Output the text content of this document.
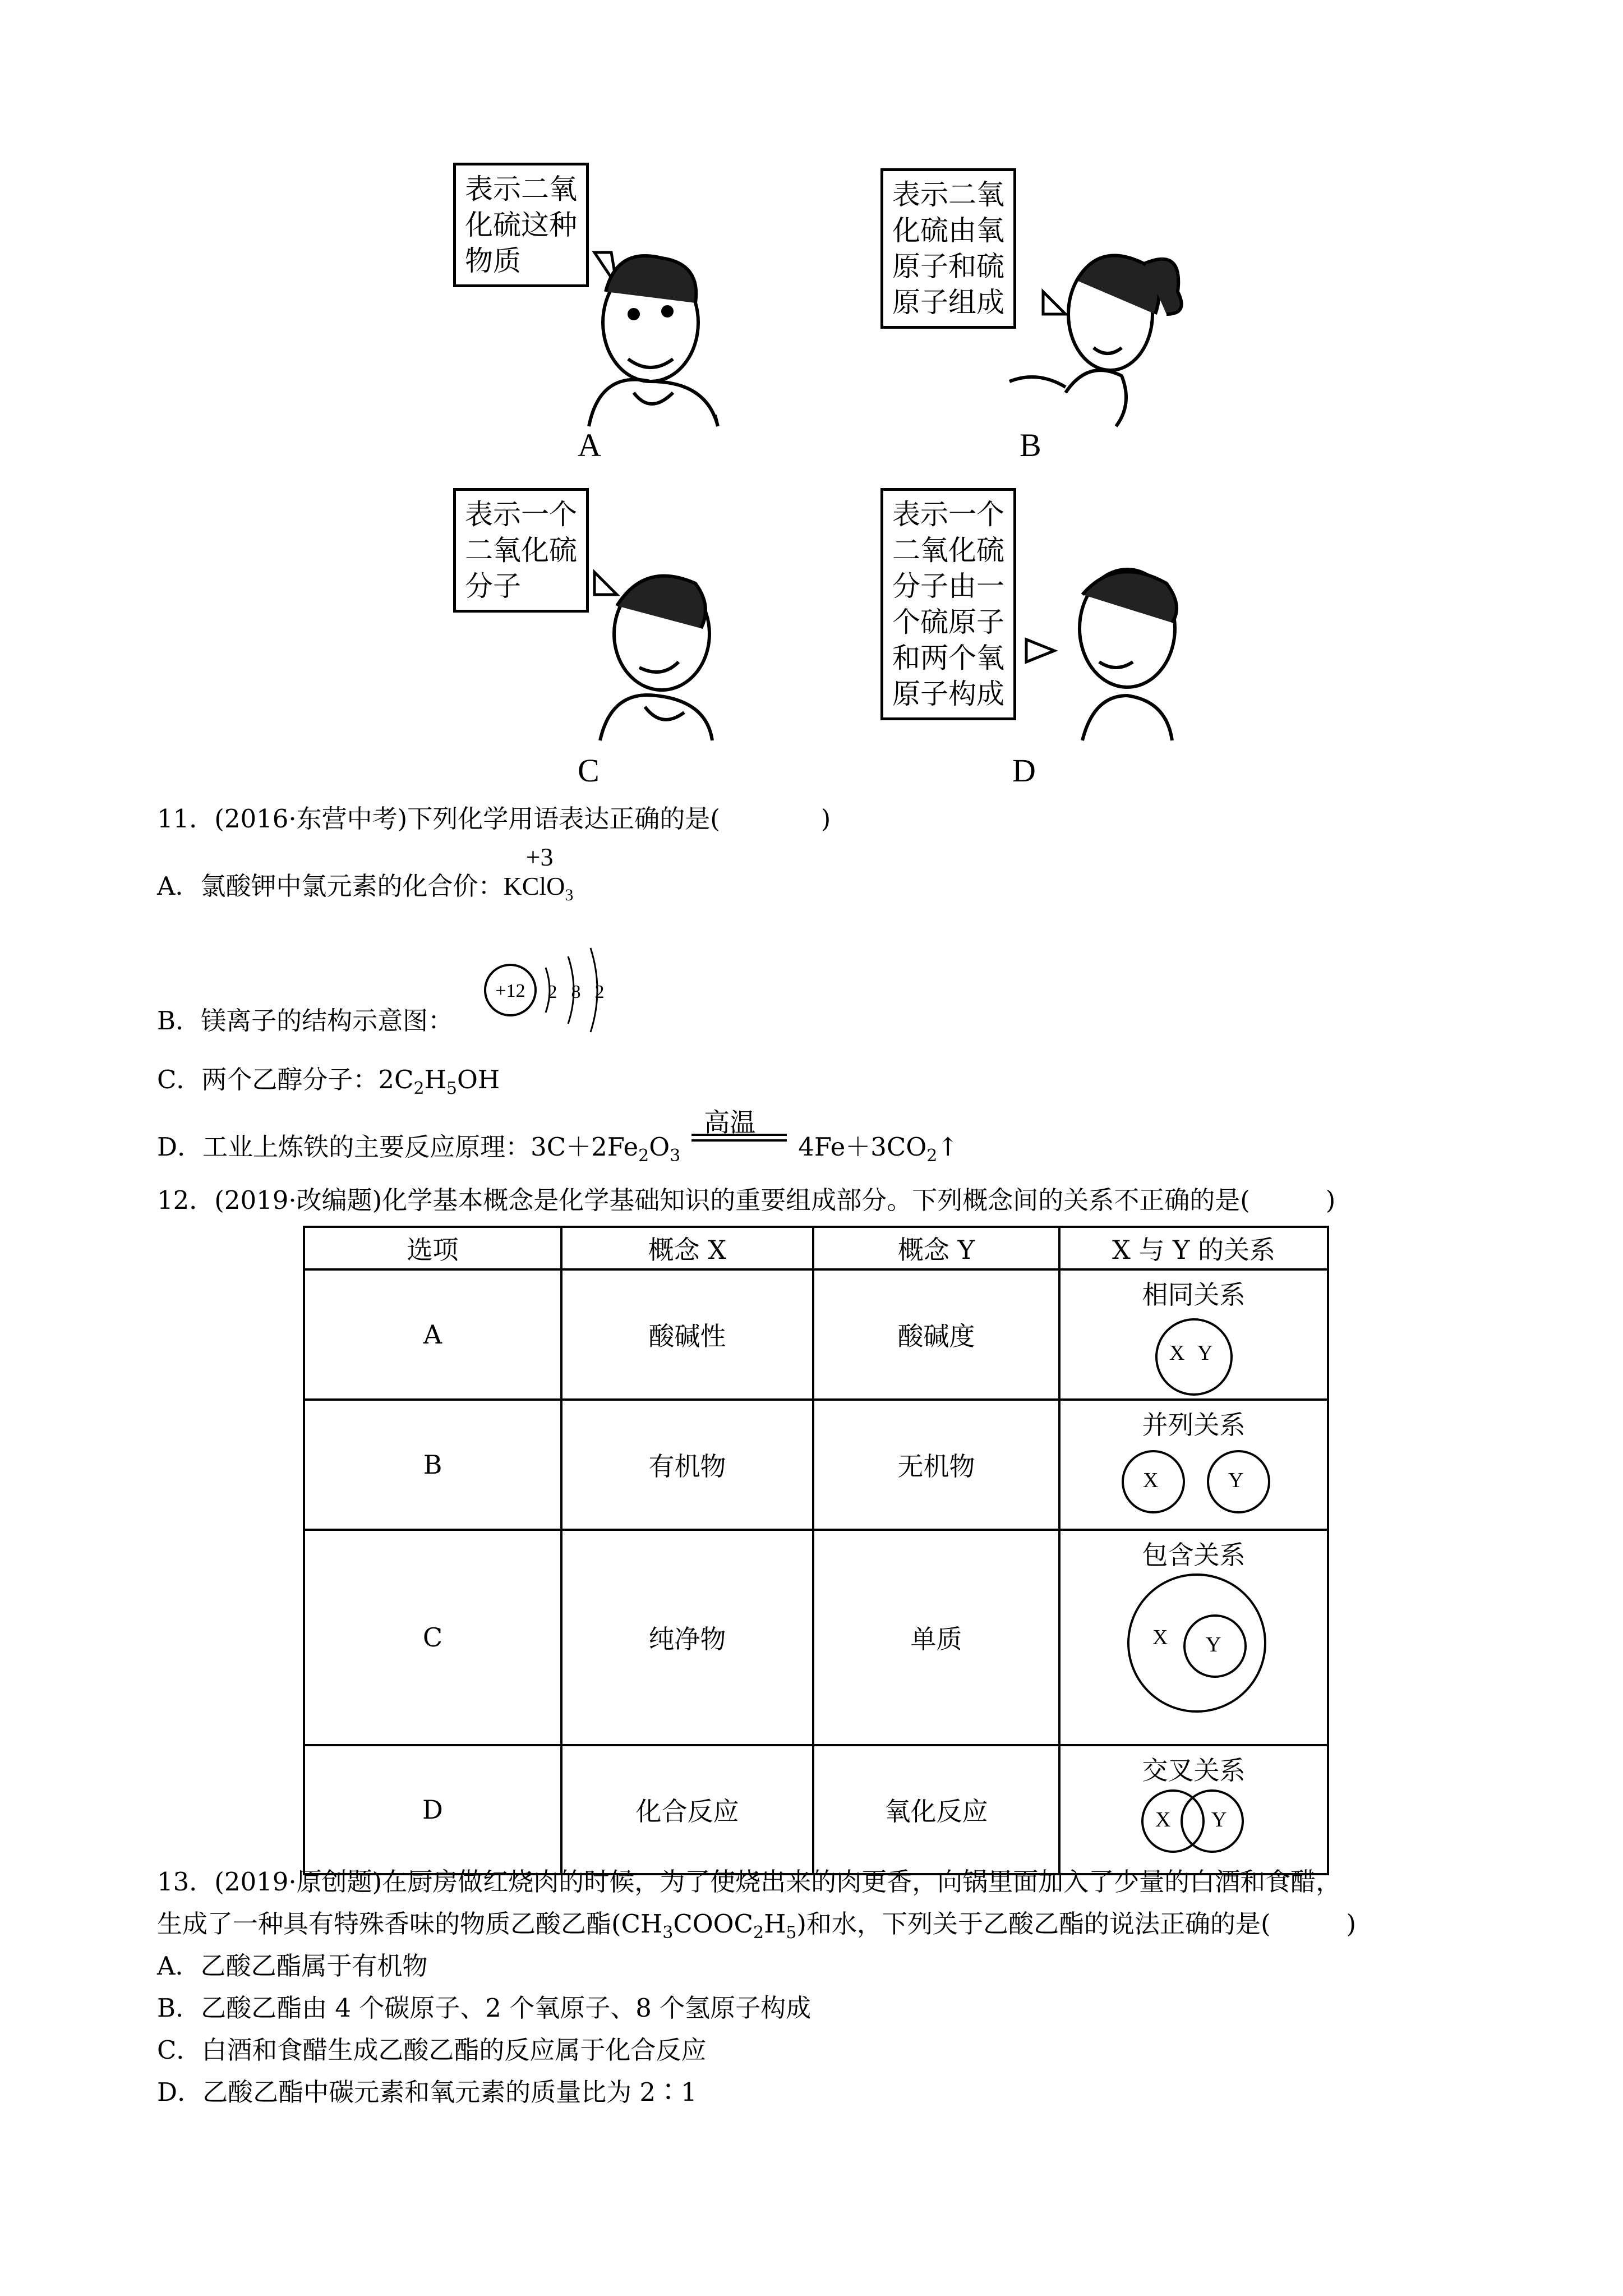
表示二氧
化硫这种
物质
表示二氧
化硫由氧
原子和硫
原子组成
表示一个
二氧化硫
分子
表示一个
二氧化硫
分子由一
个硫原子
和两个氧
原子构成
A	B
C	D
11．(2016·东营中考)下列化学用语表达正确的是(　　　　)
A．氯酸钾中氯元素的化合价：
+3
KClO$_3$
B．镁离子的结构示意图：
+12 2 8 2
C．两个乙醇分子：$2C_2H_5OH$
D．工业上炼铁的主要反应原理：$3C+2Fe_2O_3$
高温
$4Fe+3CO_2↑$
12．(2019·改编题)化学基本概念是化学基础知识的重要组成部分。下列概念间的关系不正确的是(　　　)
选项	概念 X	概念 Y	X 与 Y 的关系
A	酸碱性	酸碱度	相同关系

B	有机物	无机物	并列关系

C	纯净物	单质	包含关系

D	化合反应	氧化反应	交叉关系
X Y
X	Y
X Y
X Y
13．(2019·原创题)在厨房做红烧肉的时候，为了使烧出来的肉更香，向锅里面加入了少量的白酒和食醋，
生成了一种具有特殊香味的物质乙酸乙酯$(CH_3COOC_2H_5)$和水，下列关于乙酸乙酯的说法正确的是(　　　)
A．乙酸乙酯属于有机物
B．乙酸乙酯由 4 个碳原子、2 个氧原子、8 个氢原子构成
C．白酒和食醋生成乙酸乙酯的反应属于化合反应
D．乙酸乙酯中碳元素和氧元素的质量比为 2∶1
